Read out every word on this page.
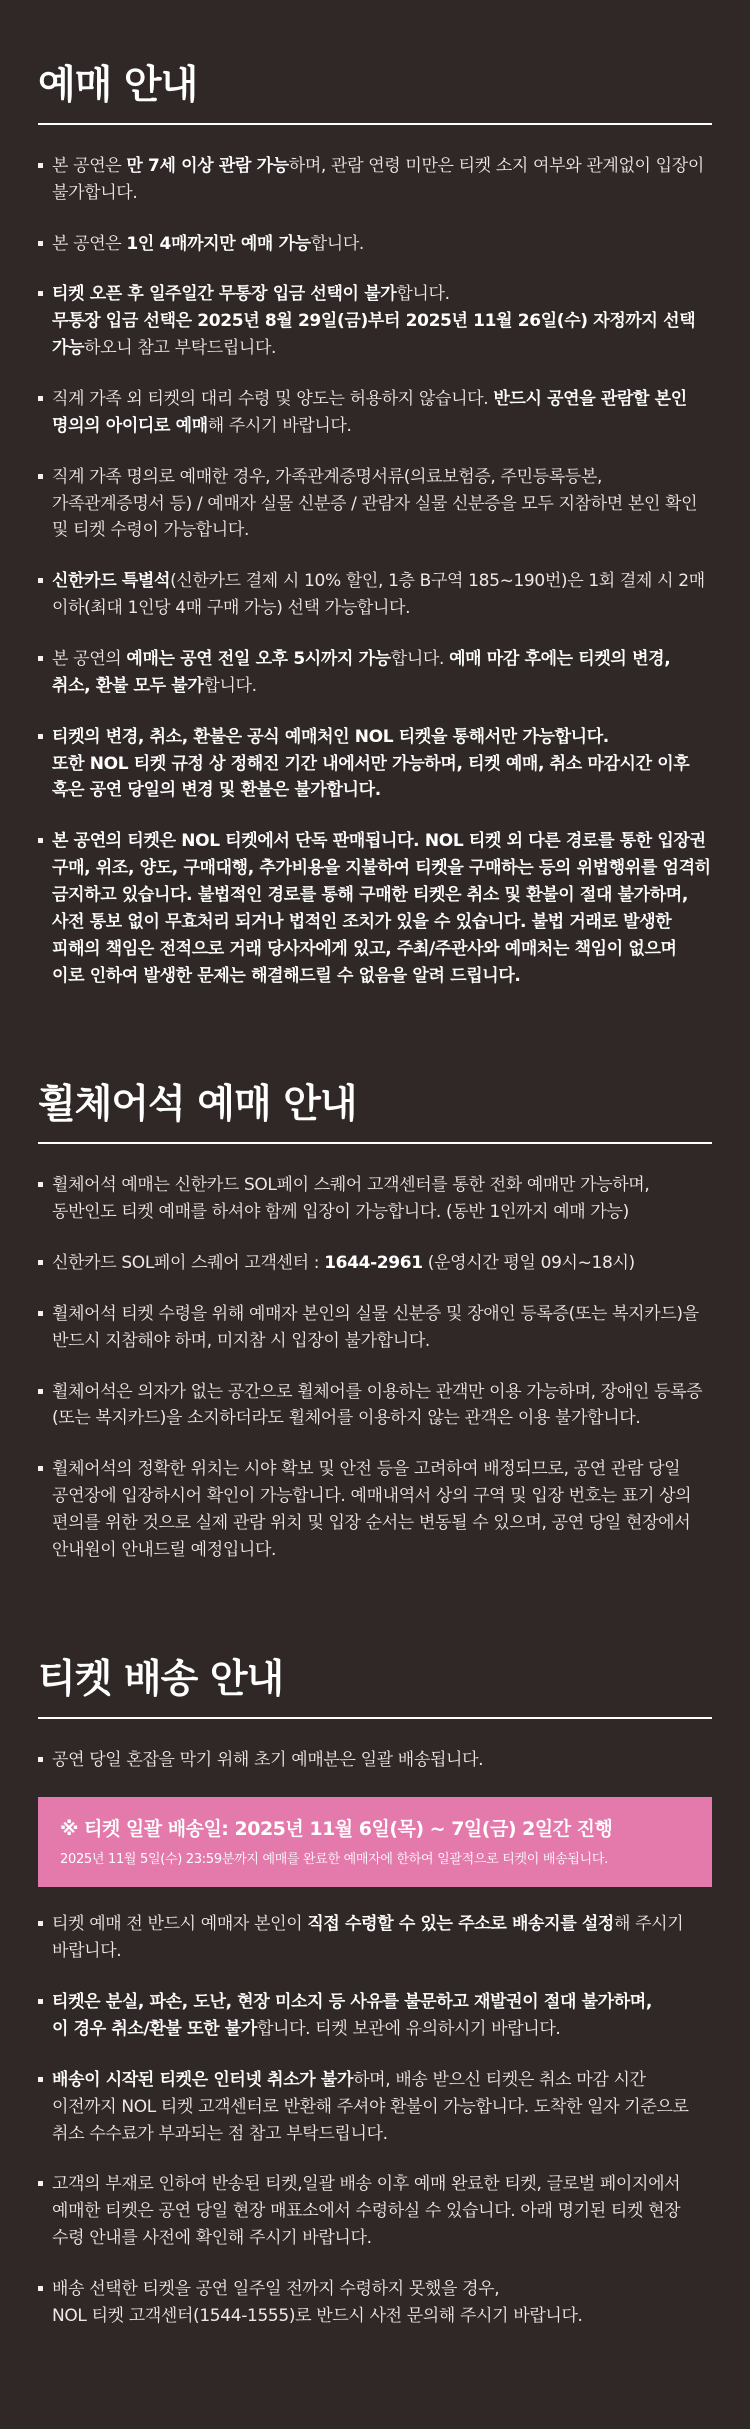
예매 안내
본 공연은 만 7세 이상 관람 가능하며, 관람 연령 미만은 티켓 소지 여부와 관계없이 입장이 불가합니다.
본 공연은 1인 4매까지만 예매 가능합니다.
티켓 오픈 후 일주일간 무통장 입금 선택이 불가합니다.
무통장 입금 선택은 2025년 8월 29일(금)부터 2025년 11월 26일(수) 자정까지 선택 가능하오니 참고 부탁드립니다.
직계 가족 외 티켓의 대리 수령 및 양도는 허용하지 않습니다. 반드시 공연을 관람할 본인 명의의 아이디로 예매해 주시기 바랍니다.
직계 가족 명의로 예매한 경우, 가족관계증명서류(의료보험증, 주민등록등본, 가족관계증명서 등) / 예매자 실물 신분증 / 관람자 실물 신분증을 모두 지참하면 본인 확인 및 티켓 수령이 가능합니다.
신한카드 특별석(신한카드 결제 시 10% 할인, 1층 B구역 185~190번)은 1회 결제 시 2매 이하(최대 1인당 4매 구매 가능) 선택 가능합니다.
본 공연의 예매는 공연 전일 오후 5시까지 가능합니다. 예매 마감 후에는 티켓의 변경, 취소, 환불 모두 불가합니다.
티켓의 변경, 취소, 환불은 공식 예매처인 NOL 티켓을 통해서만 가능합니다.
또한 NOL 티켓 규정 상 정해진 기간 내에서만 가능하며, 티켓 예매, 취소 마감시간 이후 혹은 공연 당일의 변경 및 환불은 불가합니다.
본 공연의 티켓은 NOL 티켓에서 단독 판매됩니다. NOL 티켓 외 다른 경로를 통한 입장권 구매, 위조, 양도, 구매대행, 추가비용을 지불하여 티켓을 구매하는 등의 위법행위를 엄격히 금지하고 있습니다. 불법적인 경로를 통해 구매한 티켓은 취소 및 환불이 절대 불가하며, 사전 통보 없이 무효처리 되거나 법적인 조치가 있을 수 있습니다. 불법 거래로 발생한 피해의 책임은 전적으로 거래 당사자에게 있고, 주최/주관사와 예매처는 책임이 없으며 이로 인하여 발생한 문제는 해결해드릴 수 없음을 알려 드립니다.
휠체어석 예매 안내
휠체어석 예매는 신한카드 SOL페이 스퀘어 고객센터를 통한 전화 예매만 가능하며, 동반인도 티켓 예매를 하셔야 함께 입장이 가능합니다. (동반 1인까지 예매 가능)
신한카드 SOL페이 스퀘어 고객센터 : 1644-2961 (운영시간 평일 09시~18시)
휠체어석 티켓 수령을 위해 예매자 본인의 실물 신분증 및 장애인 등록증(또는 복지카드)을 반드시 지참해야 하며, 미지참 시 입장이 불가합니다.
휠체어석은 의자가 없는 공간으로 휠체어를 이용하는 관객만 이용 가능하며, 장애인 등록증(또는 복지카드)을 소지하더라도 휠체어를 이용하지 않는 관객은 이용 불가합니다.
휠체어석의 정확한 위치는 시야 확보 및 안전 등을 고려하여 배정되므로, 공연 관람 당일 공연장에 입장하시어 확인이 가능합니다. 예매내역서 상의 구역 및 입장 번호는 표기 상의 편의를 위한 것으로 실제 관람 위치 및 입장 순서는 변동될 수 있으며, 공연 당일 현장에서 안내원이 안내드릴 예정입니다.
티켓 배송 안내
공연 당일 혼잡을 막기 위해 초기 예매분은 일괄 배송됩니다.
※ 티켓 일괄 배송일: 2025년 11월 6일(목) ~ 7일(금) 2일간 진행
2025년 11월 5일(수) 23:59분까지 예매를 완료한 예매자에 한하여 일괄적으로 티켓이 배송됩니다.
티켓 예매 전 반드시 예매자 본인이 직접 수령할 수 있는 주소로 배송지를 설정해 주시기 바랍니다.
티켓은 분실, 파손, 도난, 현장 미소지 등 사유를 불문하고 재발권이 절대 불가하며,
이 경우 취소/환불 또한 불가합니다. 티켓 보관에 유의하시기 바랍니다.
배송이 시작된 티켓은 인터넷 취소가 불가하며, 배송 받으신 티켓은 취소 마감 시간 이전까지 NOL 티켓 고객센터로 반환해 주셔야 환불이 가능합니다. 도착한 일자 기준으로 취소 수수료가 부과되는 점 참고 부탁드립니다.
고객의 부재로 인하여 반송된 티켓,일괄 배송 이후 예매 완료한 티켓, 글로벌 페이지에서 예매한 티켓은 공연 당일 현장 매표소에서 수령하실 수 있습니다. 아래 명기된 티켓 현장 수령 안내를 사전에 확인해 주시기 바랍니다.
배송 선택한 티켓을 공연 일주일 전까지 수령하지 못했을 경우,
NOL 티켓 고객센터(1544-1555)로 반드시 사전 문의해 주시기 바랍니다.
